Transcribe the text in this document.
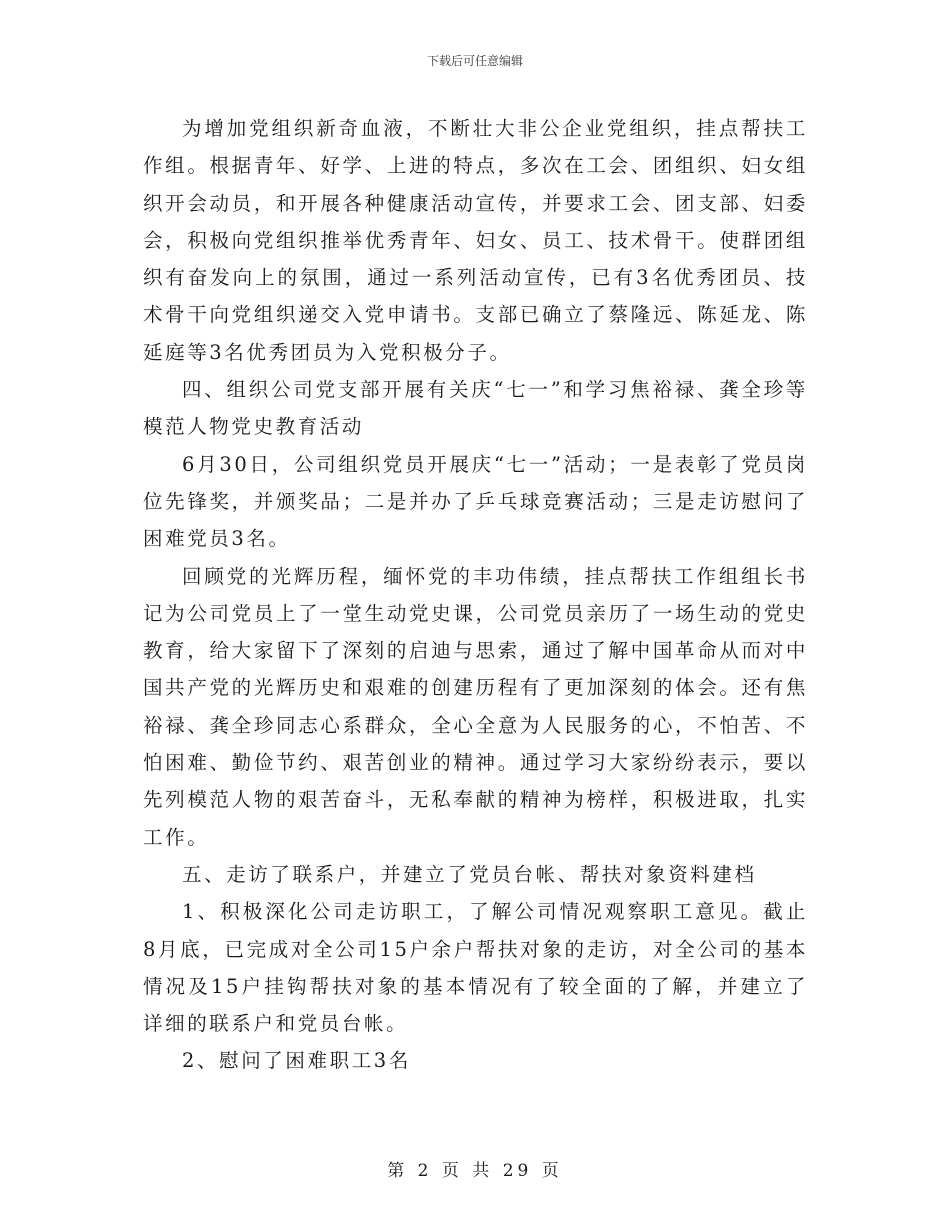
下载后可任意编辑

为增加党组织新奇血液，不断壮大非公企业党组织，挂点帮扶工作组。根据青年、好学、上进的特点，多次在工会、团组织、妇女组织开会动员，和开展各种健康活动宣传，并要求工会、团支部、妇委会，积极向党组织推举优秀青年、妇女、员工、技术骨干。使群团组织有奋发向上的氛围，通过一系列活动宣传，已有3名优秀团员、技术骨干向党组织递交入党申请书。支部已确立了蔡隆远、陈延龙、陈延庭等3名优秀团员为入党积极分子。

四、组织公司党支部开展有关庆“七一”和学习焦裕禄、龚全珍等模范人物党史教育活动

6月30日，公司组织党员开展庆“七一”活动；一是表彰了党员岗位先锋奖，并颁奖品；二是并办了乒乓球竞赛活动；三是走访慰问了困难党员3名。

回顾党的光辉历程，缅怀党的丰功伟绩，挂点帮扶工作组组长书记为公司党员上了一堂生动党史课，公司党员亲历了一场生动的党史教育，给大家留下了深刻的启迪与思索，通过了解中国革命从而对中国共产党的光辉历史和艰难的创建历程有了更加深刻的体会。还有焦裕禄、龚全珍同志心系群众，全心全意为人民服务的心，不怕苦、不怕困难、勤俭节约、艰苦创业的精神。通过学习大家纷纷表示，要以先列模范人物的艰苦奋斗，无私奉献的精神为榜样，积极进取，扎实工作。

五、走访了联系户，并建立了党员台帐、帮扶对象资料建档

1、积极深化公司走访职工，了解公司情况观察职工意见。截止8月底，已完成对全公司15户余户帮扶对象的走访，对全公司的基本情况及15户挂钩帮扶对象的基本情况有了较全面的了解，并建立了详细的联系户和党员台帐。

2、慰问了困难职工3名

第 2 页 共 29 页
